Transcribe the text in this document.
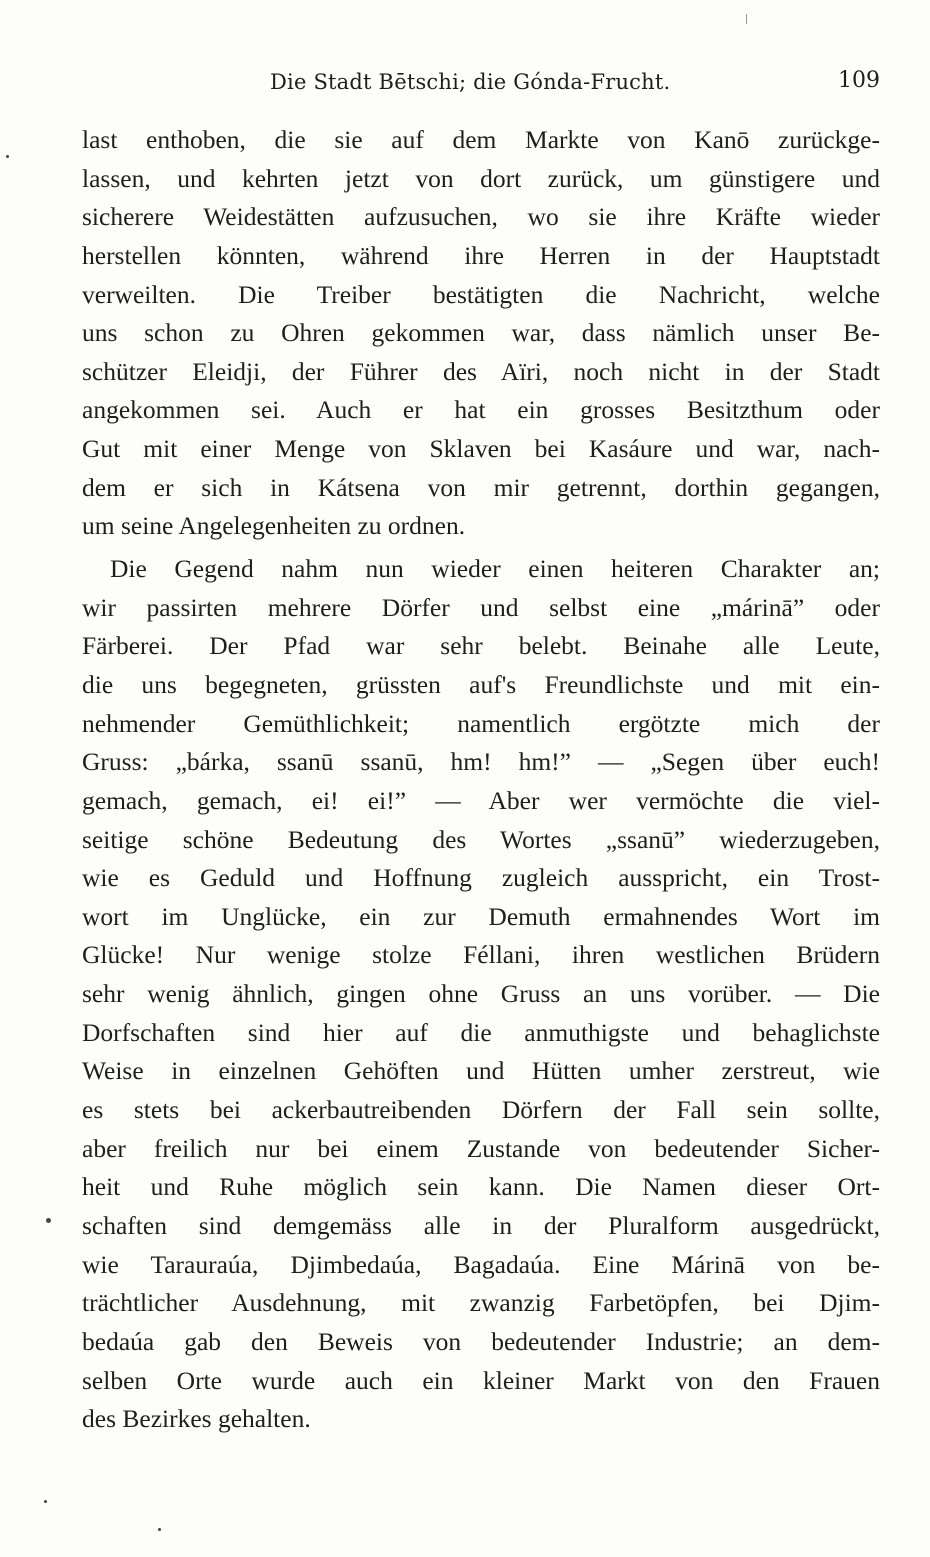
Die Stadt Bētschi; die Gónda-Frucht.	109
last enthoben, die sie auf dem Markte von Kanō zurückge-
lassen, und kehrten jetzt von dort zurück, um günstigere und
sicherere Weidestätten aufzusuchen, wo sie ihre Kräfte wieder
herstellen könnten, während ihre Herren in der Hauptstadt
verweilten. Die Treiber bestätigten die Nachricht, welche
uns schon zu Ohren gekommen war, dass nämlich unser Be-
schützer Eleidji, der Führer des Aïri, noch nicht in der Stadt
angekommen sei. Auch er hat ein grosses Besitzthum oder
Gut mit einer Menge von Sklaven bei Kasáure und war, nach-
dem er sich in Kátsena von mir getrennt, dorthin gegangen,
um seine Angelegenheiten zu ordnen.
Die Gegend nahm nun wieder einen heiteren Charakter an;
wir passirten mehrere Dörfer und selbst eine „márinā” oder
Färberei. Der Pfad war sehr belebt. Beinahe alle Leute,
die uns begegneten, grüssten auf's Freundlichste und mit ein-
nehmender Gemüthlichkeit; namentlich ergötzte mich der
Gruss: „bárka, ssanū ssanū, hm! hm!” — „Segen über euch!
gemach, gemach, ei! ei!” — Aber wer vermöchte die viel-
seitige schöne Bedeutung des Wortes „ssanū” wiederzugeben,
wie es Geduld und Hoffnung zugleich ausspricht, ein Trost-
wort im Unglücke, ein zur Demuth ermahnendes Wort im
Glücke! Nur wenige stolze Féllani, ihren westlichen Brüdern
sehr wenig ähnlich, gingen ohne Gruss an uns vorüber. — Die
Dorfschaften sind hier auf die anmuthigste und behaglichste
Weise in einzelnen Gehöften und Hütten umher zerstreut, wie
es stets bei ackerbautreibenden Dörfern der Fall sein sollte,
aber freilich nur bei einem Zustande von bedeutender Sicher-
heit und Ruhe möglich sein kann. Die Namen dieser Ort-
schaften sind demgemäss alle in der Pluralform ausgedrückt,
wie Tarauraúa, Djimbedaúa, Bagadaúa. Eine Márinā von be-
trächtlicher Ausdehnung, mit zwanzig Farbetöpfen, bei Djim-
bedaúa gab den Beweis von bedeutender Industrie; an dem-
selben Orte wurde auch ein kleiner Markt von den Frauen
des Bezirkes gehalten.
